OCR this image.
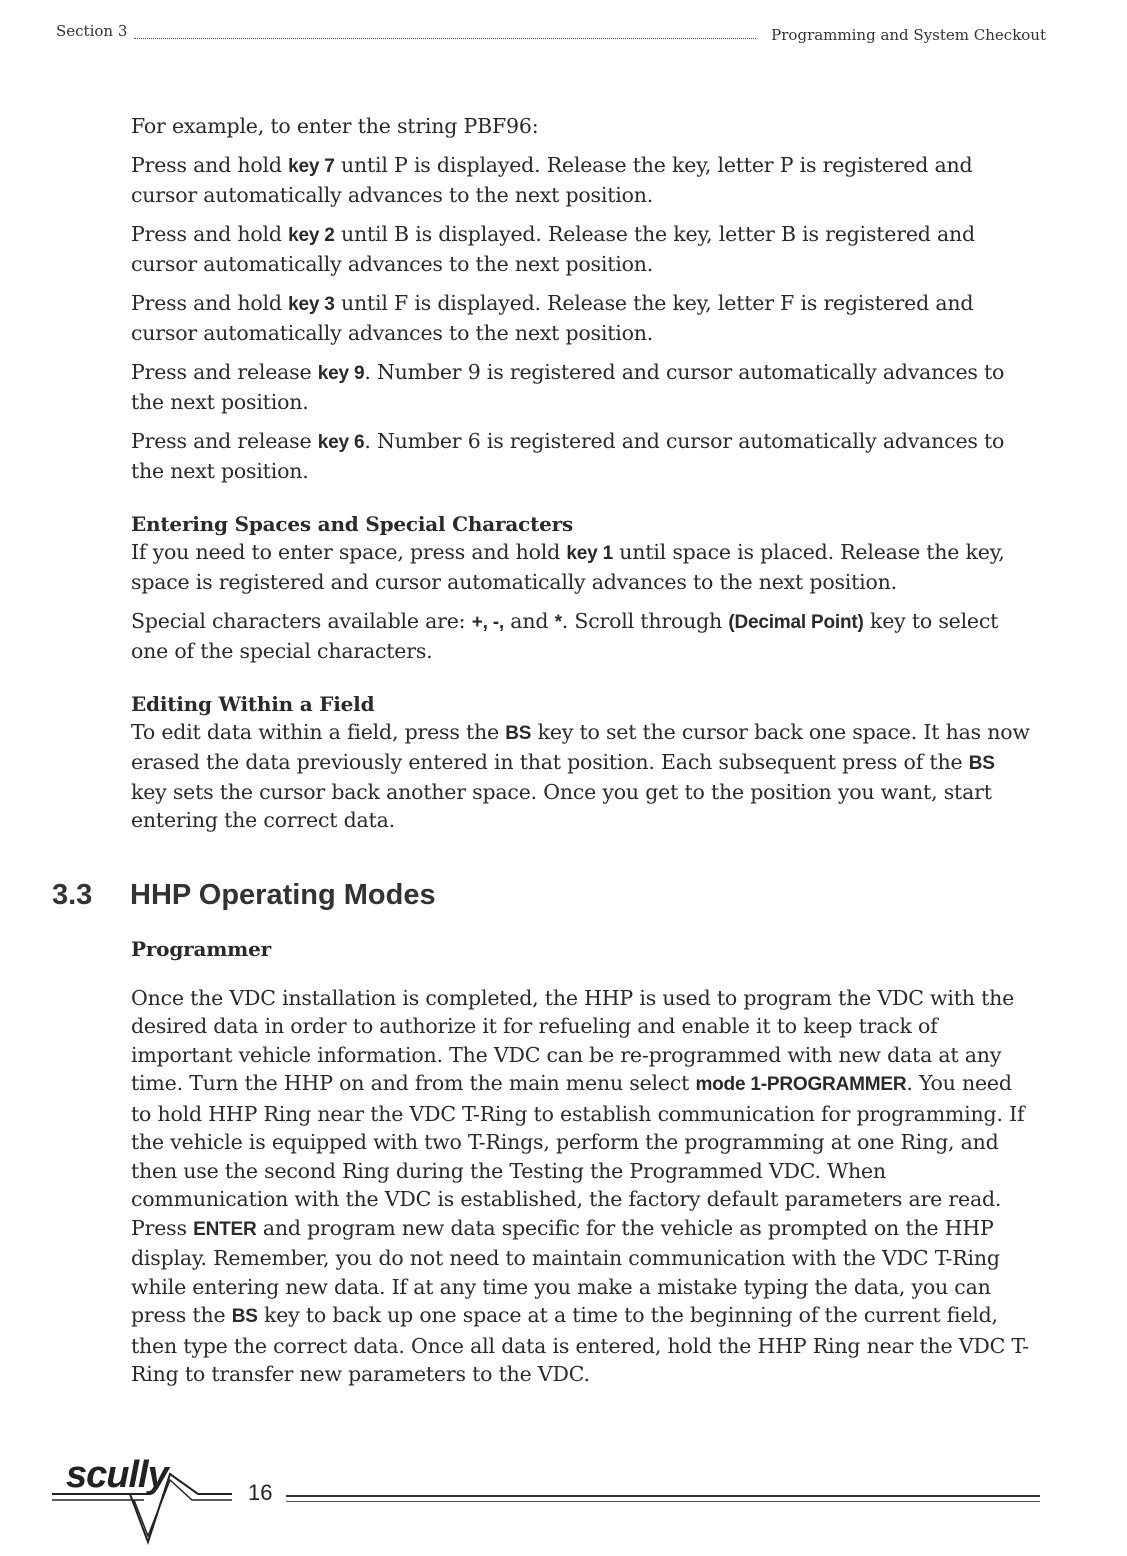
Section 3	Programming and System Checkout

For example, to enter the string PBF96:

Press and hold key 7 until P is displayed. Release the key, letter P is registered and cursor automatically advances to the next position.

Press and hold key 2 until B is displayed. Release the key, letter B is registered and cursor automatically advances to the next position.

Press and hold key 3 until F is displayed. Release the key, letter F is registered and cursor automatically advances to the next position.

Press and release key 9. Number 9 is registered and cursor automatically advances to the next position.

Press and release key 6. Number 6 is registered and cursor automatically advances to the next position.

Entering Spaces and Special Characters

If you need to enter space, press and hold key 1 until space is placed. Release the key, space is registered and cursor automatically advances to the next position.

Special characters available are: +, -, and *. Scroll through (Decimal Point) key to select one of the special characters.

Editing Within a Field

To edit data within a field, press the BS key to set the cursor back one space. It has now erased the data previously entered in that position. Each subsequent press of the BS key sets the cursor back another space. Once you get to the position you want, start entering the correct data.

3.3 HHP Operating Modes
Programmer

Once the VDC installation is completed, the HHP is used to program the VDC with the desired data in order to authorize it for refueling and enable it to keep track of important vehicle information. The VDC can be re-programmed with new data at any time. Turn the HHP on and from the main menu select mode 1-PROGRAMMER. You need to hold HHP Ring near the VDC T-Ring to establish communication for programming. If the vehicle is equipped with two T-Rings, perform the programming at one Ring, and then use the second Ring during the Testing the Programmed VDC. When communication with the VDC is established, the factory default parameters are read. Press ENTER and program new data specific for the vehicle as prompted on the HHP display. Remember, you do not need to maintain communication with the VDC T-Ring while entering new data. If at any time you make a mistake typing the data, you can press the BS key to back up one space at a time to the beginning of the current field, then type the correct data. Once all data is entered, hold the HHP Ring near the VDC T-Ring to transfer new parameters to the VDC.

scully	16
